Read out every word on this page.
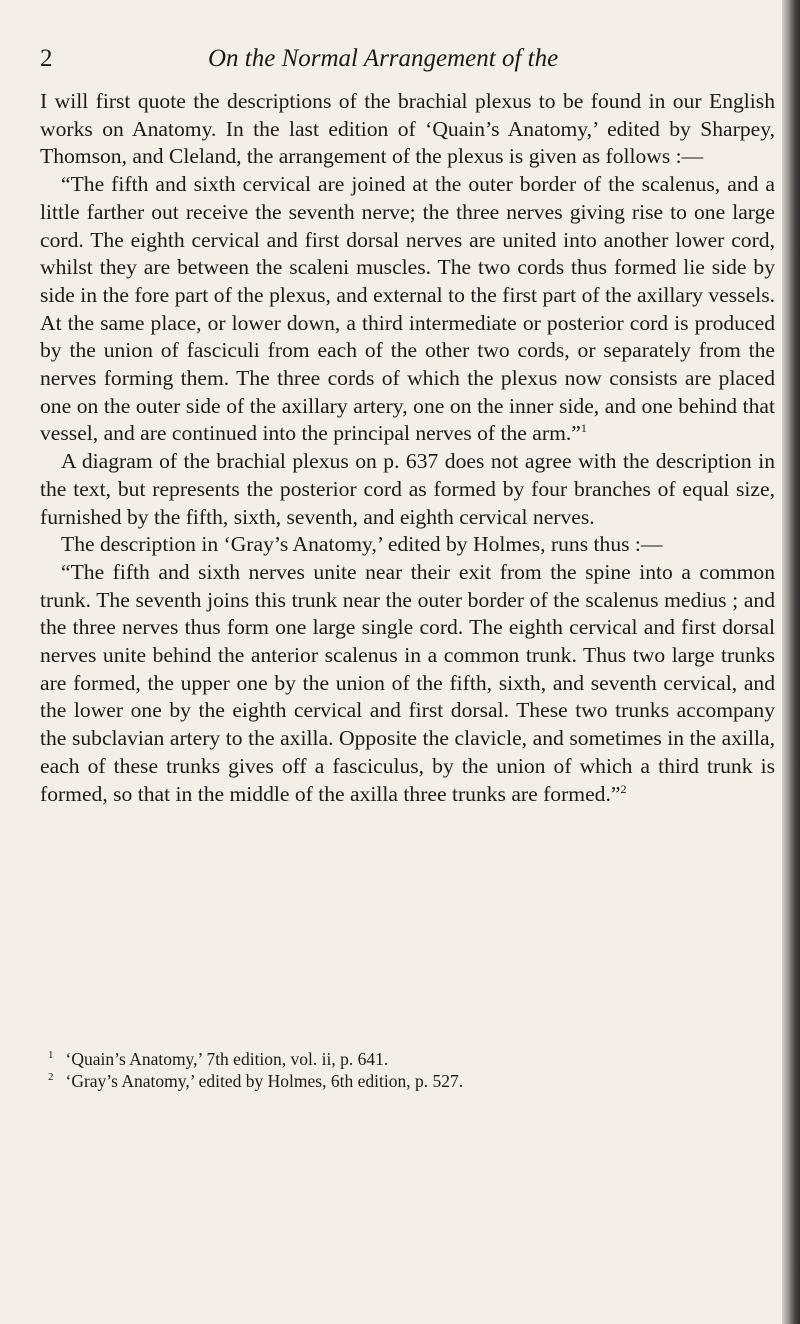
2	On the Normal Arrangement of the

I will first quote the descriptions of the brachial plexus to be found in our English works on Anatomy. In the last edition of ‘Quain’s Anatomy,’ edited by Sharpey, Thomson, and Cleland, the arrangement of the plexus is given as follows :—

“The fifth and sixth cervical are joined at the outer border of the scalenus, and a little farther out receive the seventh nerve; the three nerves giving rise to one large cord. The eighth cervical and first dorsal nerves are united into another lower cord, whilst they are between the scaleni muscles. The two cords thus formed lie side by side in the fore part of the plexus, and external to the first part of the axillary vessels. At the same place, or lower down, a third intermediate or posterior cord is produced by the union of fasciculi from each of the other two cords, or separately from the nerves forming them. The three cords of which the plexus now consists are placed one on the outer side of the axillary artery, one on the inner side, and one behind that vessel, and are continued into the principal nerves of the arm.”$^1$

A diagram of the brachial plexus on p. 637 does not agree with the description in the text, but represents the posterior cord as formed by four branches of equal size, furnished by the fifth, sixth, seventh, and eighth cervical nerves.

The description in ‘Gray’s Anatomy,’ edited by Holmes, runs thus :—

“The fifth and sixth nerves unite near their exit from the spine into a common trunk. The seventh joins this trunk near the outer border of the scalenus medius ; and the three nerves thus form one large single cord. The eighth cervical and first dorsal nerves unite behind the anterior scalenus in a common trunk. Thus two large trunks are formed, the upper one by the union of the fifth, sixth, and seventh cervical, and the lower one by the eighth cervical and first dorsal. These two trunks accompany the subclavian artery to the axilla. Opposite the clavicle, and sometimes in the axilla, each of these trunks gives off a fasciculus, by the union of which a third trunk is formed, so that in the middle of the axilla three trunks are formed.”$^2$

$^1$ ‘Quain’s Anatomy,’ 7th edition, vol. ii, p. 641.

$^2$ ‘Gray’s Anatomy,’ edited by Holmes, 6th edition, p. 527.
